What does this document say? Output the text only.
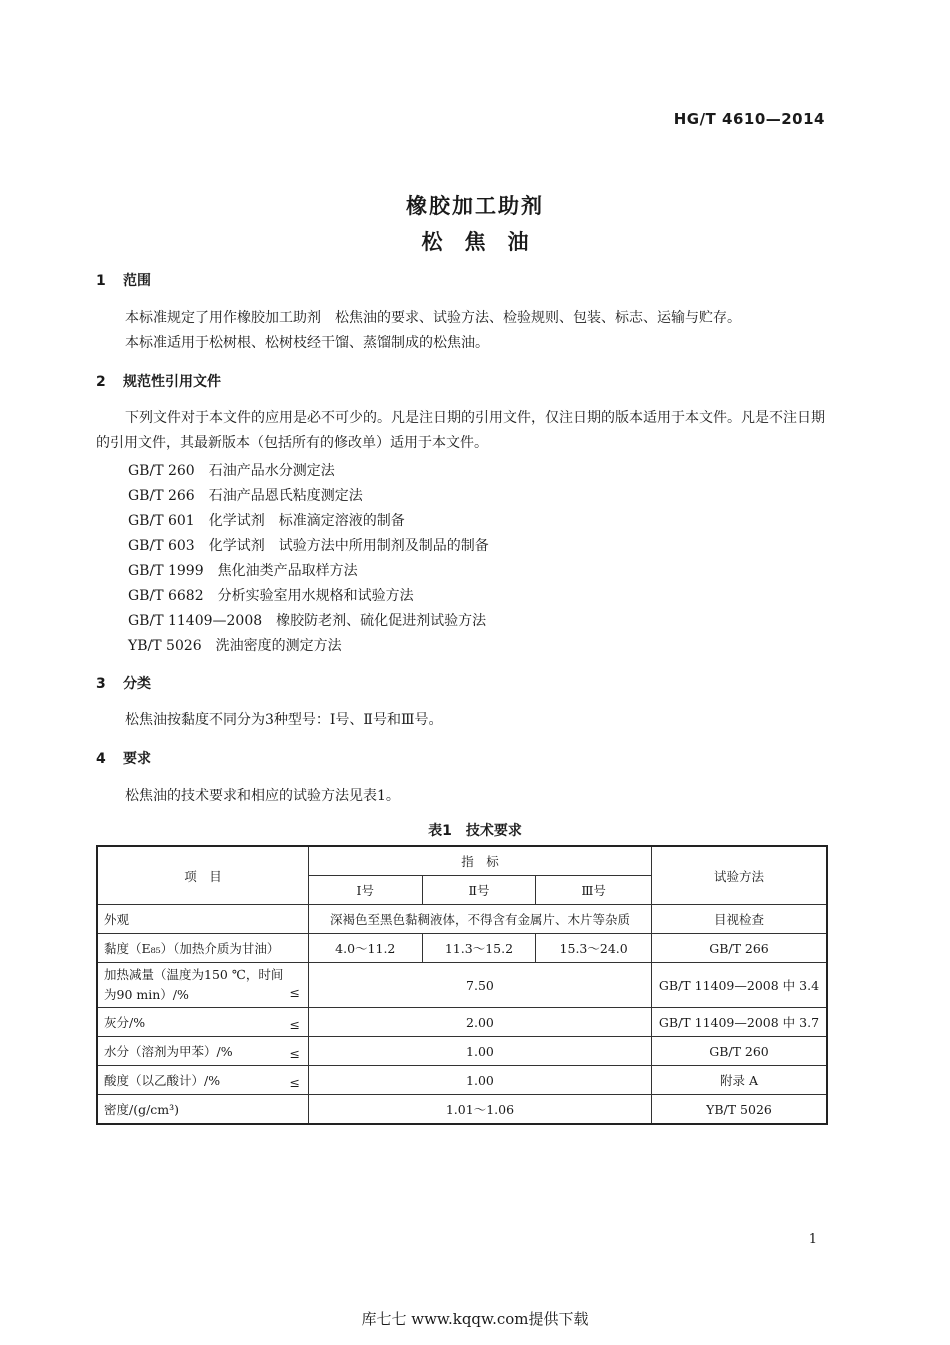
HG/T 4610—2014
橡胶加工助剂
松焦油
1 范围
本标准规定了用作橡胶加工助剂　松焦油的要求、试验方法、检验规则、包装、标志、运输与贮存。
本标准适用于松树根、松树枝经干馏、蒸馏制成的松焦油。
2 规范性引用文件
下列文件对于本文件的应用是必不可少的。凡是注日期的引用文件，仅注日期的版本适用于本文件。凡是不注日期的引用文件，其最新版本（包括所有的修改单）适用于本文件。
GB/T 260 石油产品水分测定法
GB/T 266 石油产品恩氏粘度测定法
GB/T 601 化学试剂　标准滴定溶液的制备
GB/T 603 化学试剂　试验方法中所用制剂及制品的制备
GB/T 1999 焦化油类产品取样方法
GB/T 6682 分析实验室用水规格和试验方法
GB/T 11409—2008 橡胶防老剂、硫化促进剂试验方法
YB/T 5026 洗油密度的测定方法
3 分类
松焦油按黏度不同分为3种型号：Ⅰ号、Ⅱ号和Ⅲ号。
4 要求
松焦油的技术要求和相应的试验方法见表1。
表1　技术要求
项　目	指　标			试验方法
	Ⅰ号	Ⅱ号	Ⅲ号	
外观	深褐色至黑色黏稠液体，不得含有金属片、木片等杂质			目视检查
黏度（E₈₅）（加热介质为甘油）	4.0～11.2	11.3～15.2	15.3～24.0	GB/T 266

加热减量（温度为150 ℃，时间
为90 min）/% ≤	7.50			GB/T 11409—2008 中 3.4
灰分/% ≤	2.00			GB/T 11409—2008 中 3.7
水分（溶剂为甲苯）/% ≤	1.00			GB/T 260
酸度（以乙酸计）/% ≤	1.00			附录 A
密度/(g/cm³)	1.01～1.06			YB/T 5026
1
库七七 www.kqqw.com提供下载
